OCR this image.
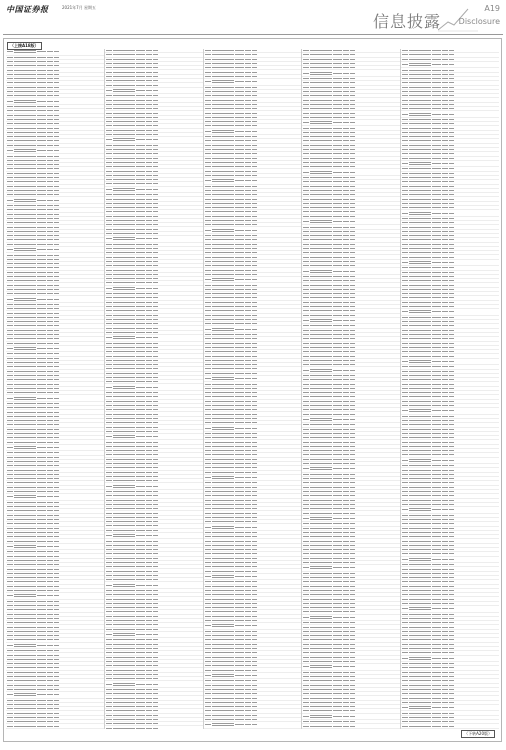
中国证券报	2021年7月 星期五
信息披露
A19
Disclosure
（上接A18版）
（下转A20版）
